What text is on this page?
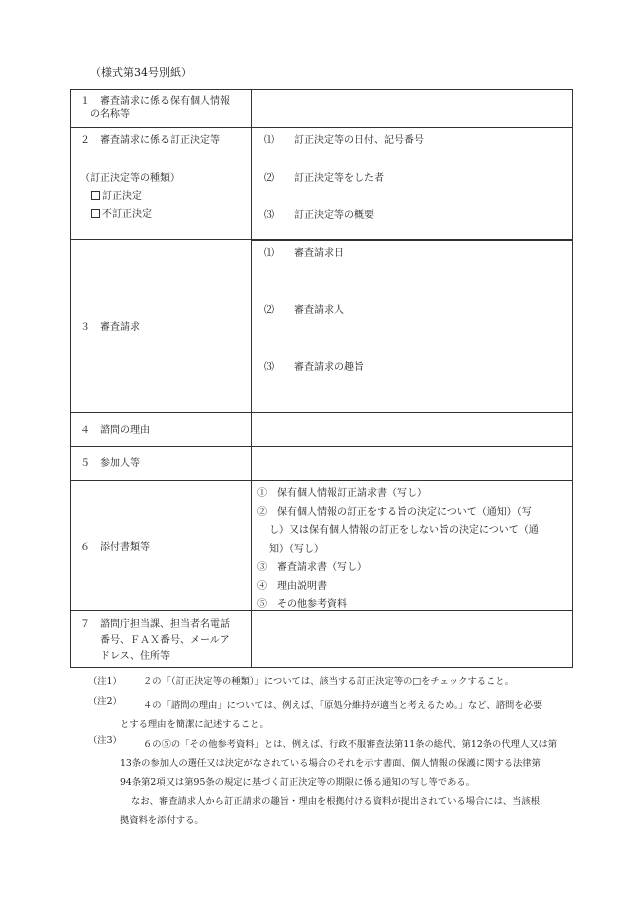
（様式第34号別紙）
１　審査請求に係る保有個人情報
の名称等
２　審査請求に係る訂正決定等
（訂正決定等の種類）
訂正決定
不訂正決定
⑴　　訂正決定等の日付、記号番号
⑵　　訂正決定等をした者
⑶　　訂正決定等の概要
３　審査請求
⑴　　審査請求日
⑵　　審査請求人
⑶　　審査請求の趣旨
４　諮問の理由
５　参加人等
６　添付書類等
①　保有個人情報訂正請求書（写し）
②　保有個人情報の訂正をする旨の決定について（通知）（写
し）又は保有個人情報の訂正をしない旨の決定について（通
知）（写し）
③　審査請求書（写し）
④　理由説明書
⑤　その他参考資料
７　諮問庁担当課、担当者名電話
番号、ＦＡＸ番号、メールア
ドレス、住所等
（注1） ２の「（訂正決定等の種類）」については、該当する訂正決定等の□をチェックすること。
（注2） ４の「諮問の理由」については、例えば、「原処分維持が適当と考えるため。」など、諮問を必要
とする理由を簡潔に記述すること。
（注3） ６の⑤の「その他参考資料」とは、例えば、行政不服審査法第11条の総代、第12条の代理人又は第
13条の参加人の選任又は決定がなされている場合のそれを示す書面、個人情報の保護に関する法律第
94条第2項又は第95条の規定に基づく訂正決定等の期限に係る通知の写し等である。
なお、審査請求人から訂正請求の趣旨・理由を根拠付ける資料が提出されている場合には、当該根
拠資料を添付する。
